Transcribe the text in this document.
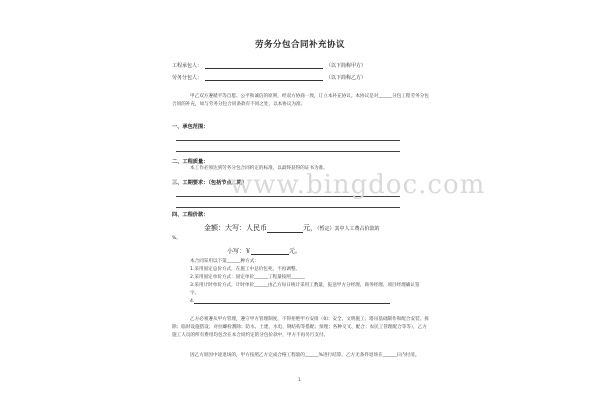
劳务分包合同补充协议
工程承包人：	（以下简称甲方）
劳务分包人：	（以下简称乙方）
甲乙双方遵循平等自愿、公平和诚信的原则，经双方协商一致，订立本补充协议。本协议是对______分包工程劳务分包合同的补充，如与劳务分包合同条款有不同之处，以本协议为准。
一、承包范围：
二、工程质量：
本工作必须达到劳务分包合同约定的标准，以最终获得的证书为准。
三、工期要求：（包括节点工期）
四、工程价款：
金额：大写：人民币	元，（暂定）其中人工费占价款的
%。
小写：￥	元。
本合同采用以下第______种方式：
1.采用固定总价方式，在施工中总价包死，不再调整。
2.采用固定单价方式：固定单价______工程量按照______
3.采用计时单价方式，计时单价______由乙方每日统计采用工数量，报送甲方分经理、商务经理、项目经理确认签字。
4.
乙方必须遵从甲方管理，遵守甲方管理制度，不得拒绝甲方安排（如：安全、文明施工；塔吊基础制作和配合安装、拆除；临时设施搭设；对拉螺栓割除；防水、土建、水电、钢结构等搭配；预埋；各种交叉、配合；农民工管理配合等等），乙方施工人员的所有费用均包含在本合同约定的分包价款中，甲方不再另行支付。
因乙方原因中途退场的，甲方按照乙方完成合格工程量的______%进行结算，乙方无条件退场在______日内付清。
1
www.bingdoc.com
